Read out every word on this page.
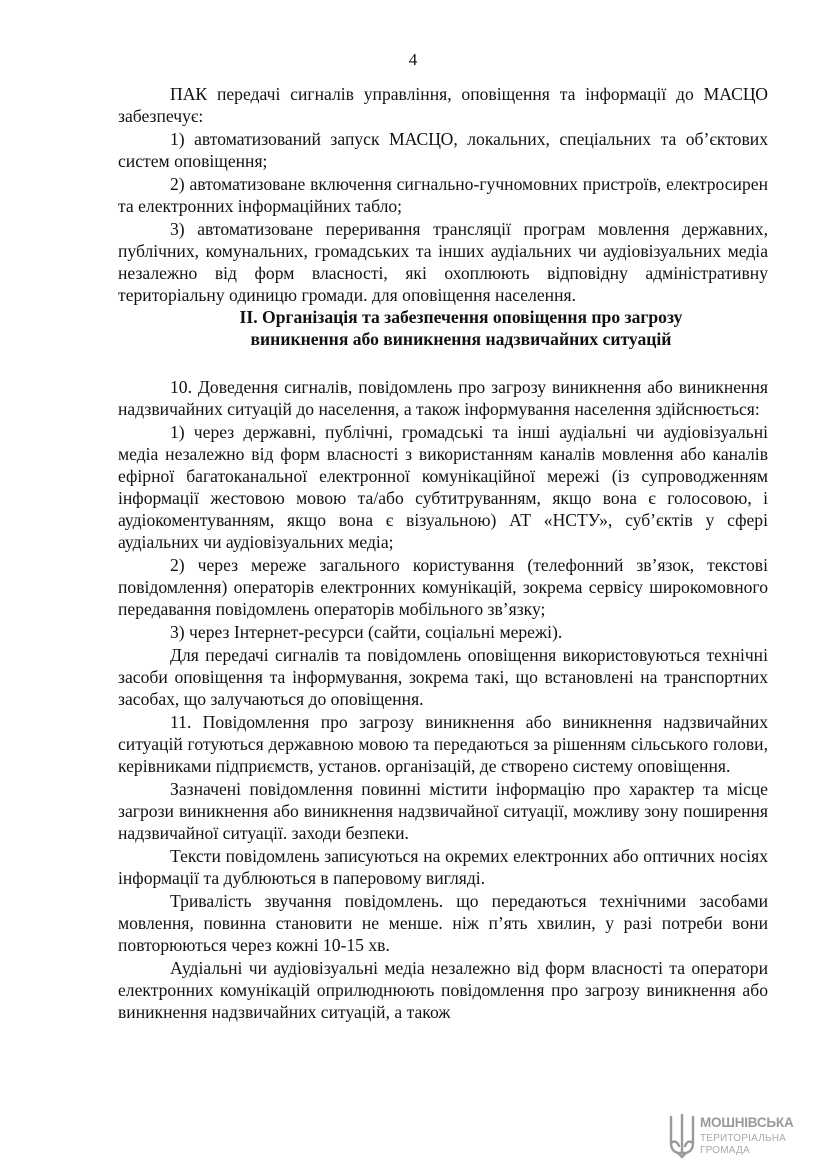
4

ПАК передачі сигналів управління, оповіщення та інформації до МАСЦО забезпечує:

1) автоматизований запуск МАСЦО, локальних, спеціальних та об’єктових систем оповіщення;

2) автоматизоване включення сигнально-гучномовних пристроїв, електросирен та електронних інформаційних табло;

3) автоматизоване переривання трансляції програм мовлення державних, публічних, комунальних, громадських та інших аудіальних чи аудіовізуальних медіа незалежно від форм власності, які охоплюють відповідну адміністративну територіальну одиницю громади. для оповіщення населення.

ІІ. Організація та забезпечення оповіщення про загрозу

виникнення або виникнення надзвичайних ситуацій

10. Доведення сигналів, повідомлень про загрозу виникнення або виникнення надзвичайних ситуацій до населення, а також інформування населення здійснюється:

1) через державні, публічні, громадські та інші аудіальні чи аудіовізуальні медіа незалежно від форм власності з використанням каналів мовлення або каналів ефірної багатоканальної електронної комунікаційної мережі (із супроводженням інформації жестовою мовою та/або субтитруванням, якщо вона є голосовою, і аудіокоментуванням, якщо вона є візуальною) АТ «НСТУ», суб’єктів у сфері аудіальних чи аудіовізуальних медіа;

2) через мереже загального користування (телефонний зв’язок, текстові повідомлення) операторів електронних комунікацій, зокрема сервісу широкомовного передавання повідомлень операторів мобільного зв’язку;

3) через Інтернет-ресурси (сайти, соціальні мережі).

Для передачі сигналів та повідомлень оповіщення використовуються технічні засоби оповіщення та інформування, зокрема такі, що встановлені на транспортних засобах, що залучаються до оповіщення.

11. Повідомлення про загрозу виникнення або виникнення надзвичайних ситуацій готуються державною мовою та передаються за рішенням сільського голови, керівниками підприємств, установ. організацій, де створено систему оповіщення.

Зазначені повідомлення повинні містити інформацію про характер та місце загрози виникнення або виникнення надзвичайної ситуації, можливу зону поширення надзвичайної ситуації. заходи безпеки.

Тексти повідомлень записуються на окремих електронних або оптичних носіях інформації та дублюються в паперовому вигляді.

Тривалість звучання повідомлень. що передаються технічними засобами мовлення, повинна становити не менше. ніж п’ять хвилин, у разі потреби вони повторюються через кожні 10-15 хв.

Аудіальні чи аудіовізуальні медіа незалежно від форм власності та оператори електронних комунікацій оприлюднюють повідомлення про загрозу виникнення або виникнення надзвичайних ситуацій, а також

МОШНІВСЬКА
ТЕРИТОРІАЛЬНА
ГРОМАДА
